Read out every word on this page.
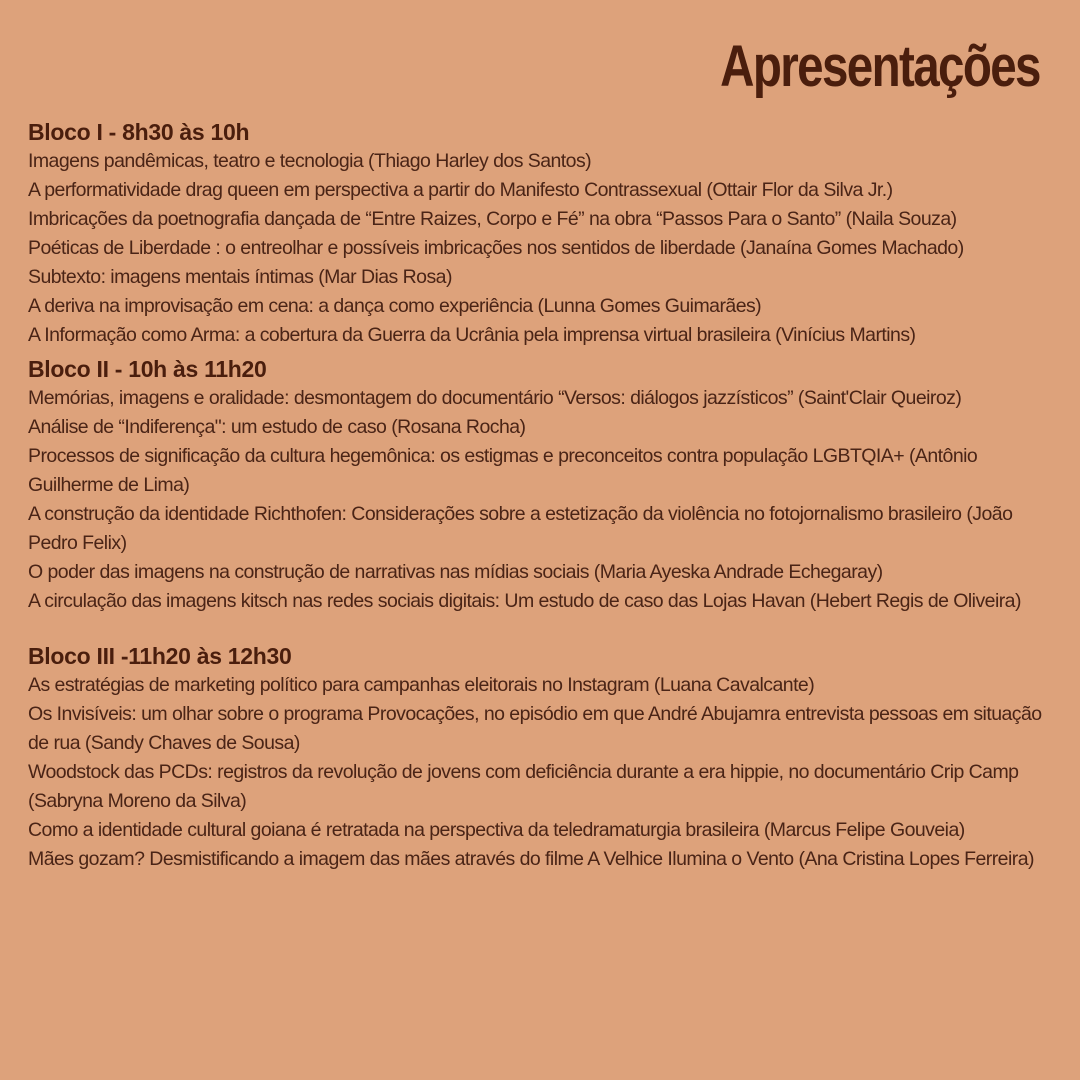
Apresentações
Bloco I - 8h30 às 10h

Imagens pandêmicas, teatro e tecnologia (Thiago Harley dos Santos)

A performatividade drag queen em perspectiva a partir do Manifesto Contrassexual (Ottair Flor da Silva Jr.)

Imbricações da poetnografia dançada de “Entre Raizes, Corpo e Fé” na obra “Passos Para o Santo” (Naila Souza)

Poéticas de Liberdade : o entreolhar e possíveis imbricações nos sentidos de liberdade (Janaína Gomes Machado)

Subtexto: imagens mentais íntimas (Mar Dias Rosa)

A deriva na improvisação em cena: a dança como experiência (Lunna Gomes Guimarães)

A Informação como Arma: a cobertura da Guerra da Ucrânia pela imprensa virtual brasileira (Vinícius Martins)

Bloco II - 10h às 11h20

Memórias, imagens e oralidade: desmontagem do documentário “Versos: diálogos jazzísticos” (Saint'Clair Queiroz)

Análise de “Indiferença": um estudo de caso (Rosana Rocha)

Processos de significação da cultura hegemônica: os estigmas e preconceitos contra população LGBTQIA+ (Antônio Guilherme de Lima)

A construção da identidade Richthofen: Considerações sobre a estetização da violência no fotojornalismo brasileiro (João Pedro Felix)

O poder das imagens na construção de narrativas nas mídias sociais (Maria Ayeska Andrade Echegaray)

A circulação das imagens kitsch nas redes sociais digitais: Um estudo de caso das Lojas Havan (Hebert Regis de Oliveira)

Bloco III -11h20 às 12h30

As estratégias de marketing político para campanhas eleitorais no Instagram (Luana Cavalcante)

Os Invisíveis: um olhar sobre o programa Provocações, no episódio em que André Abujamra entrevista pessoas em situação de rua (Sandy Chaves de Sousa)

Woodstock das PCDs: registros da revolução de jovens com deficiência durante a era hippie, no documentário Crip Camp (Sabryna Moreno da Silva)

Como a identidade cultural goiana é retratada na perspectiva da teledramaturgia brasileira (Marcus Felipe Gouveia)

Mães gozam? Desmistificando a imagem das mães através do filme A Velhice Ilumina o Vento (Ana Cristina Lopes Ferreira)
